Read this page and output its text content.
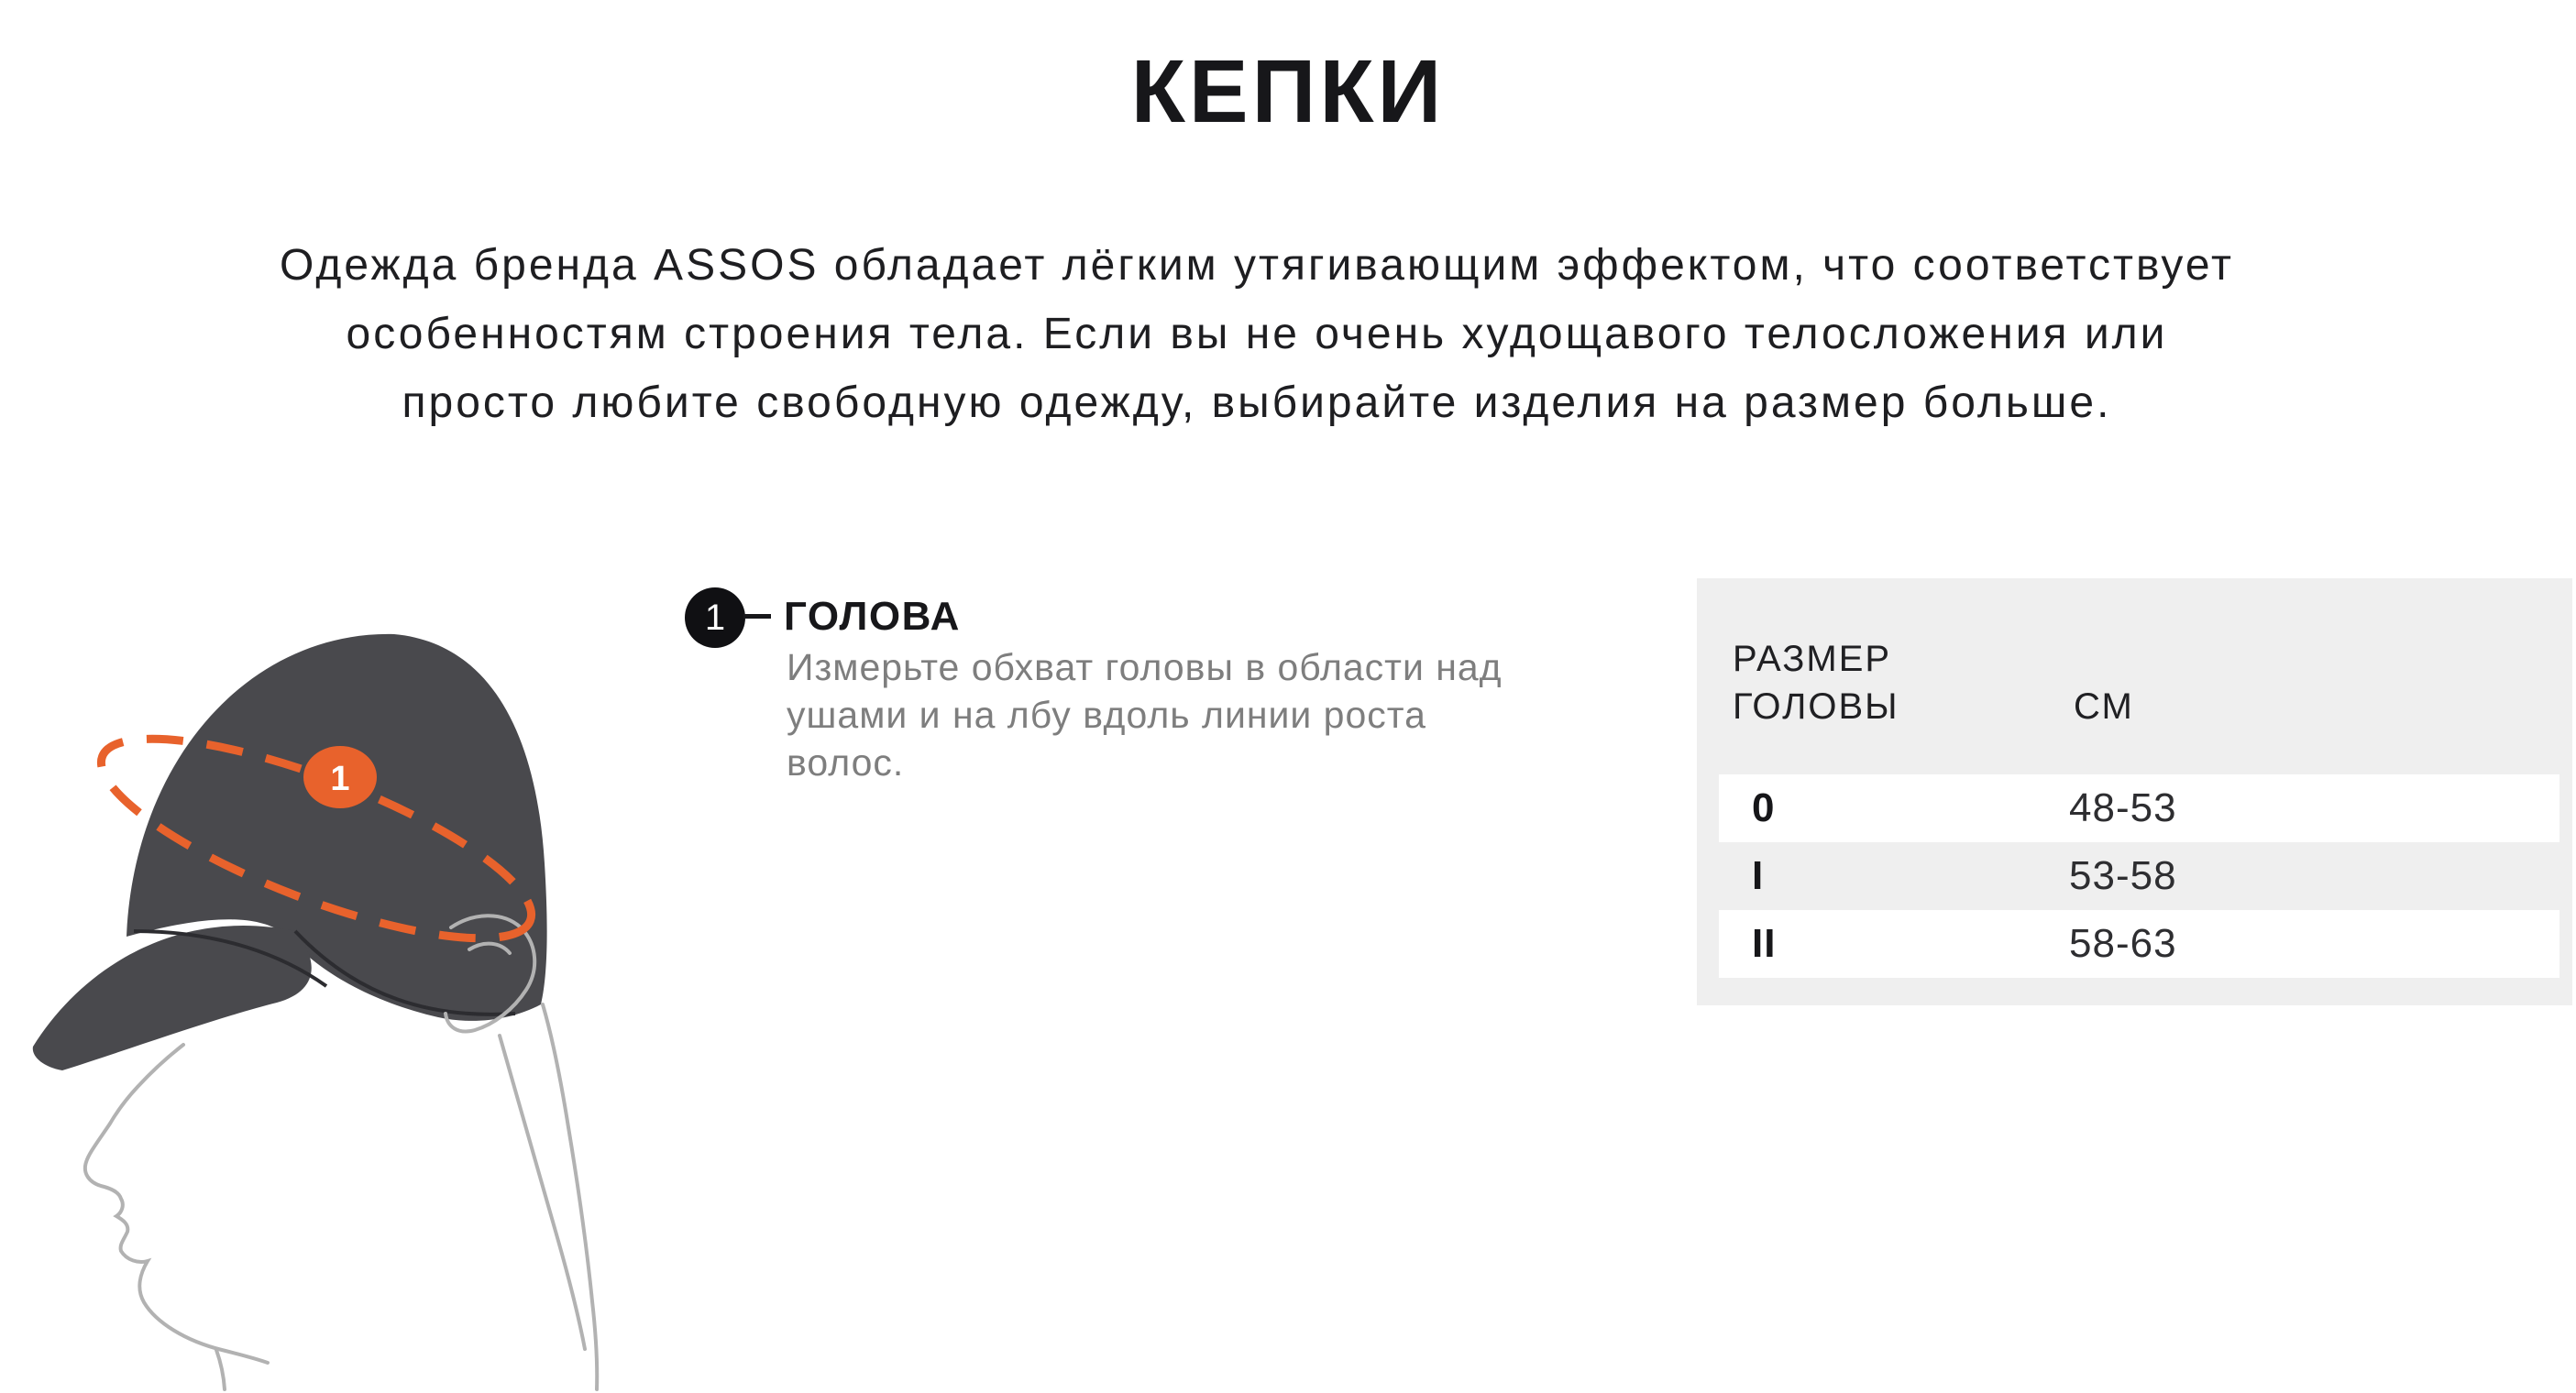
КЕПКИ
Одежда бренда ASSOS обладает лёгким утягивающим эффектом, что соответствует
особенностям строения тела. Если вы не очень худощавого телосложения или
просто любите свободную одежду, выбирайте изделия на размер больше.
1
1 ГОЛОВА
Измерьте обхват головы в области над
ушами и на лбу вдоль линии роста
волос.

РАЗМЕР ГОЛОВЫ	СМ

0	48-53
I	53-58
II	58-63
